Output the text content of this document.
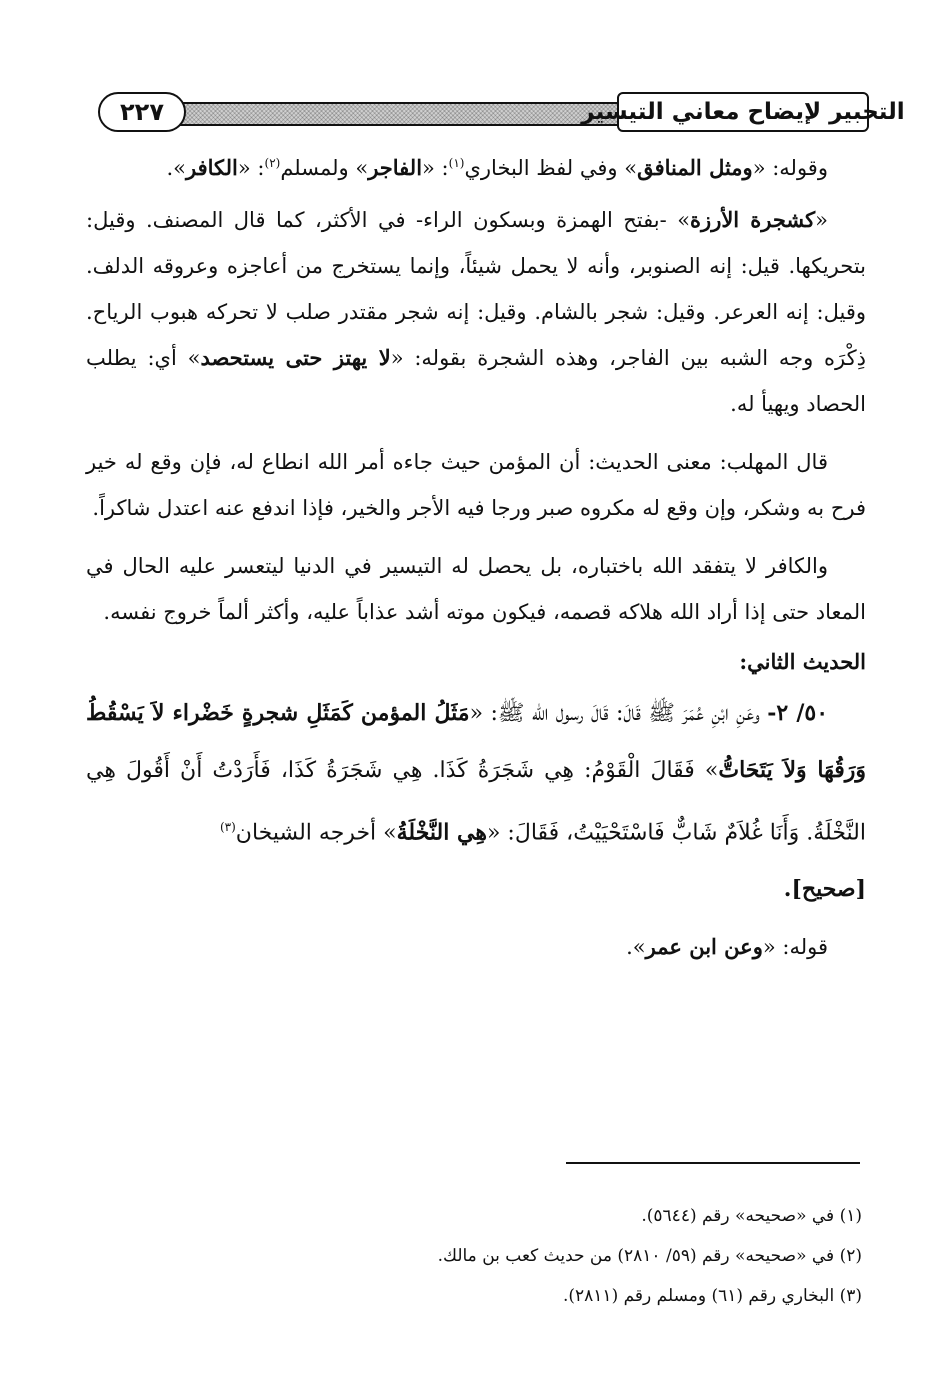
٢٢٧	التحبير لإيضاح معاني التيسير

وقوله: «ومثل المنافق» وفي لفظ البخاري$^{(١)}$: «الفاجر» ولمسلم$^{(٢)}$: «الكافر».

«كشجرة الأرزة» -بفتح الهمزة وبسكون الراء- في الأكثر، كما قال المصنف. وقيل: بتحريكها. قيل: إنه الصنوبر، وأنه لا يحمل شيئاً، وإنما يستخرج من أعاجزه وعروقه الدلف. وقيل: إنه العرعر. وقيل: شجر بالشام. وقيل: إنه شجر مقتدر صلب لا تحركه هبوب الرياح. ذِكْرَه وجه الشبه بين الفاجر، وهذه الشجرة بقوله: «لا يهتز حتى يستحصد» أي: يطلب الحصاد ويهيأ له.

قال المهلب: معنى الحديث: أن المؤمن حيث جاءه أمر الله انطاع له، فإن وقع له خير فرح به وشكر، وإن وقع له مكروه صبر ورجا فيه الأجر والخير، فإذا اندفع عنه اعتدل شاكراً.

والكافر لا يتفقد الله باختباره، بل يحصل له التيسير في الدنيا ليتعسر عليه الحال في المعاد حتى إذا أراد الله هلاكه قصمه، فيكون موته أشد عذاباً عليه، وأكثر ألماً خروج نفسه.

الحديث الثاني:

٥٠/ ٢- وعَنِ ابْنِ عُمَرَ ﷺ قَالَ: قَالَ رسول الله ﷺ: «مَثَلُ المؤمن كَمَثَلِ شجرةٍ خَضْراء لاَ يَسْقُطُ وَرَقُهَا وَلاَ يَتَحَاتُّ» فَقَالَ الْقَوْمُ: هِي شَجَرَةُ كَذَا. هِي شَجَرَةُ كَذَا، فَأَرَدْتُ أَنْ أَقُولَ هِي النَّخْلَةُ. وَأَنَا غُلاَمٌ شَابٌّ فَاسْتَحْيَيْتُ، فَقَالَ: «هِي النَّخْلَةُ» أخرجه الشيخان$^{(٣)}$
[صحيح].

قوله: «وعن ابن عمر».

(١) في «صحيحه» رقم (٥٦٤٤).

(٢) في «صحيحه» رقم (٥٩/ ٢٨١٠) من حديث كعب بن مالك.

(٣) البخاري رقم (٦١) ومسلم رقم (٢٨١١).
